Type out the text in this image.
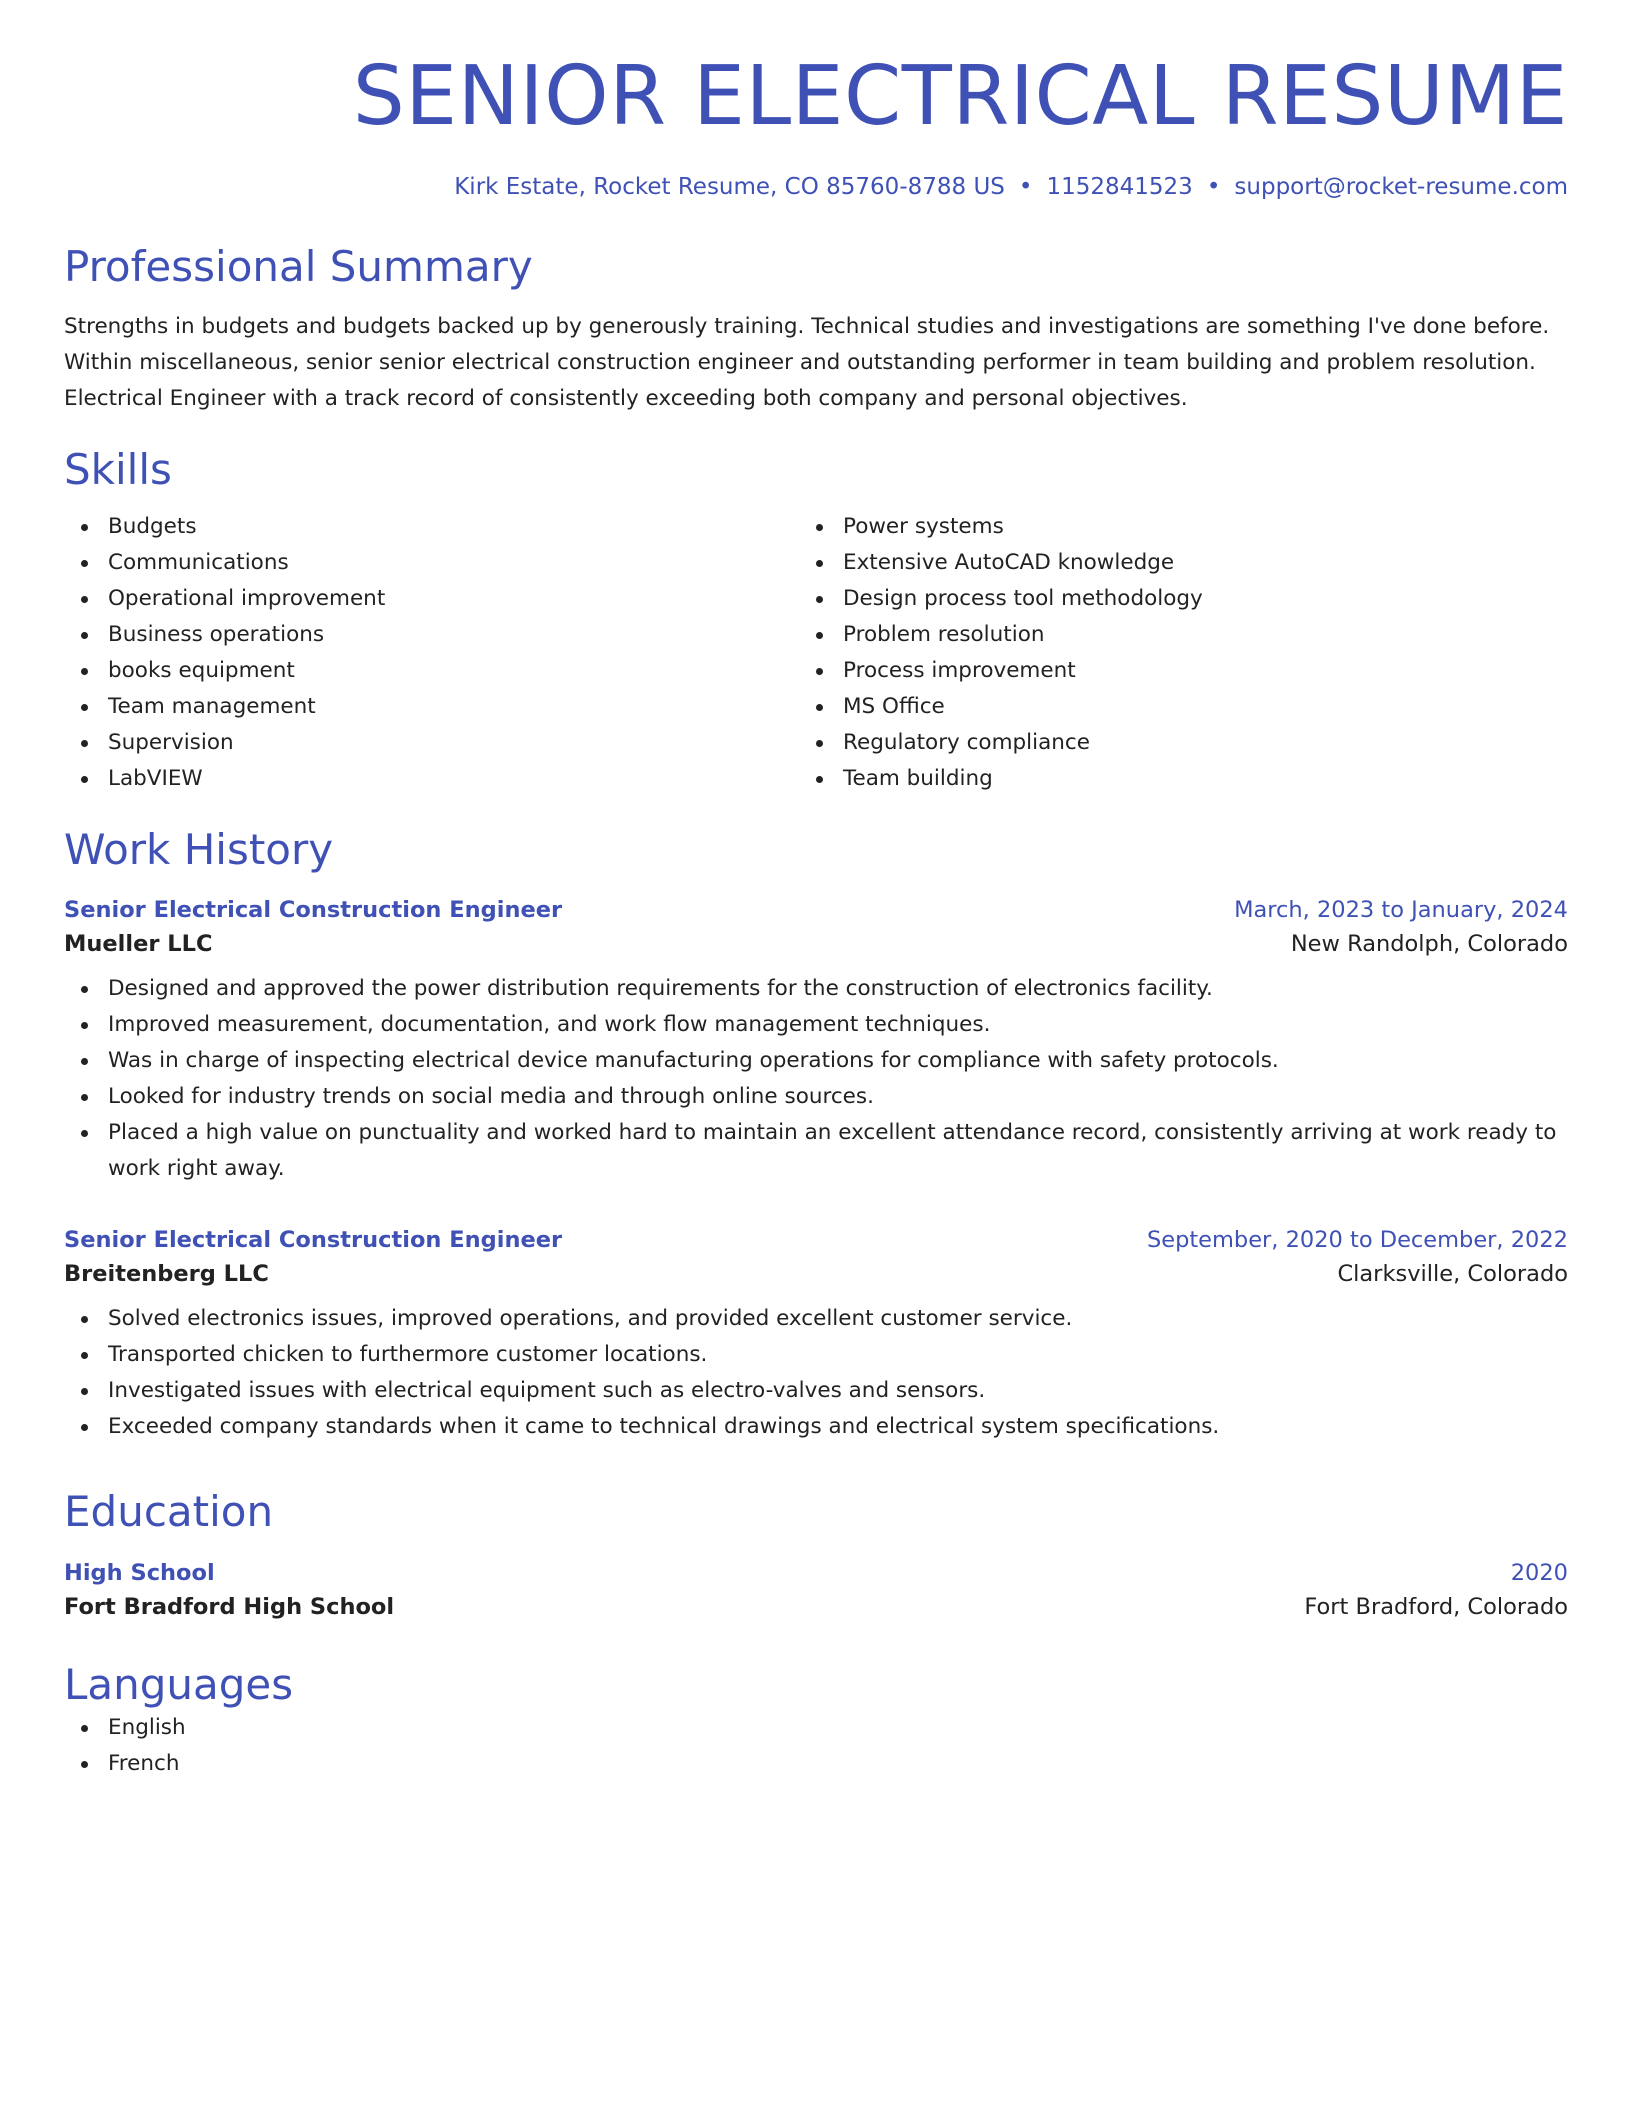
SENIOR ELECTRICAL RESUME
Kirk Estate, Rocket Resume, CO 85760-8788 US • 1152841523 • support@rocket-resume.com
Professional Summary
Strengths in budgets and budgets backed up by generously training. Technical studies and investigations are something I've done before. Within miscellaneous, senior senior electrical construction engineer and outstanding performer in team building and problem resolution. Electrical Engineer with a track record of consistently exceeding both company and personal objectives.
Skills
Budgets
Communications
Operational improvement
Business operations
books equipment
Team management
Supervision
LabVIEW
Power systems
Extensive AutoCAD knowledge
Design process tool methodology
Problem resolution
Process improvement
MS Office
Regulatory compliance
Team building
Work History
Senior Electrical Construction Engineer	March, 2023 to January, 2024
Mueller LLC	New Randolph, Colorado
Designed and approved the power distribution requirements for the construction of electronics facility.
Improved measurement, documentation, and work flow management techniques.
Was in charge of inspecting electrical device manufacturing operations for compliance with safety protocols.
Looked for industry trends on social media and through online sources.
Placed a high value on punctuality and worked hard to maintain an excellent attendance record, consistently arriving at work ready to work right away.
Senior Electrical Construction Engineer	September, 2020 to December, 2022
Breitenberg LLC	Clarksville, Colorado
Solved electronics issues, improved operations, and provided excellent customer service.
Transported chicken to furthermore customer locations.
Investigated issues with electrical equipment such as electro-valves and sensors.
Exceeded company standards when it came to technical drawings and electrical system specifications.
Education
High School	2020
Fort Bradford High School	Fort Bradford, Colorado
Languages
English
French
